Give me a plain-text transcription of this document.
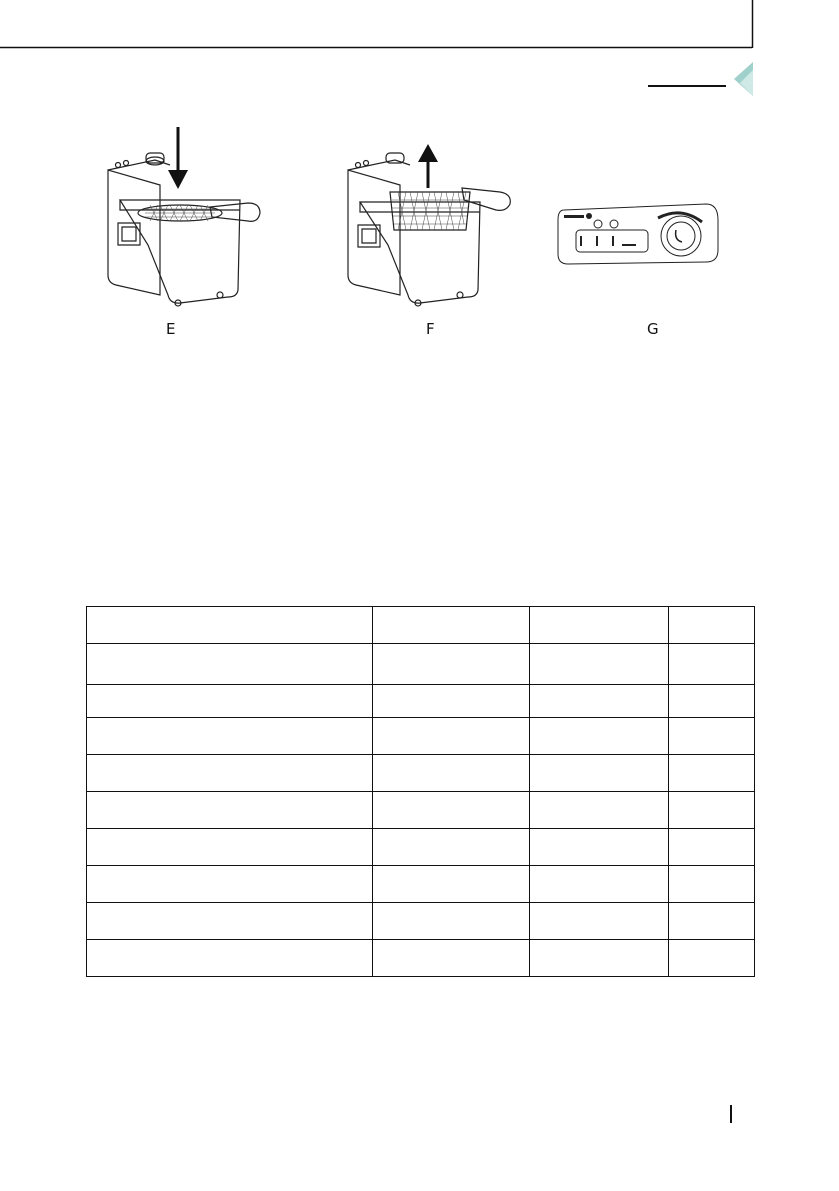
E	F	G
